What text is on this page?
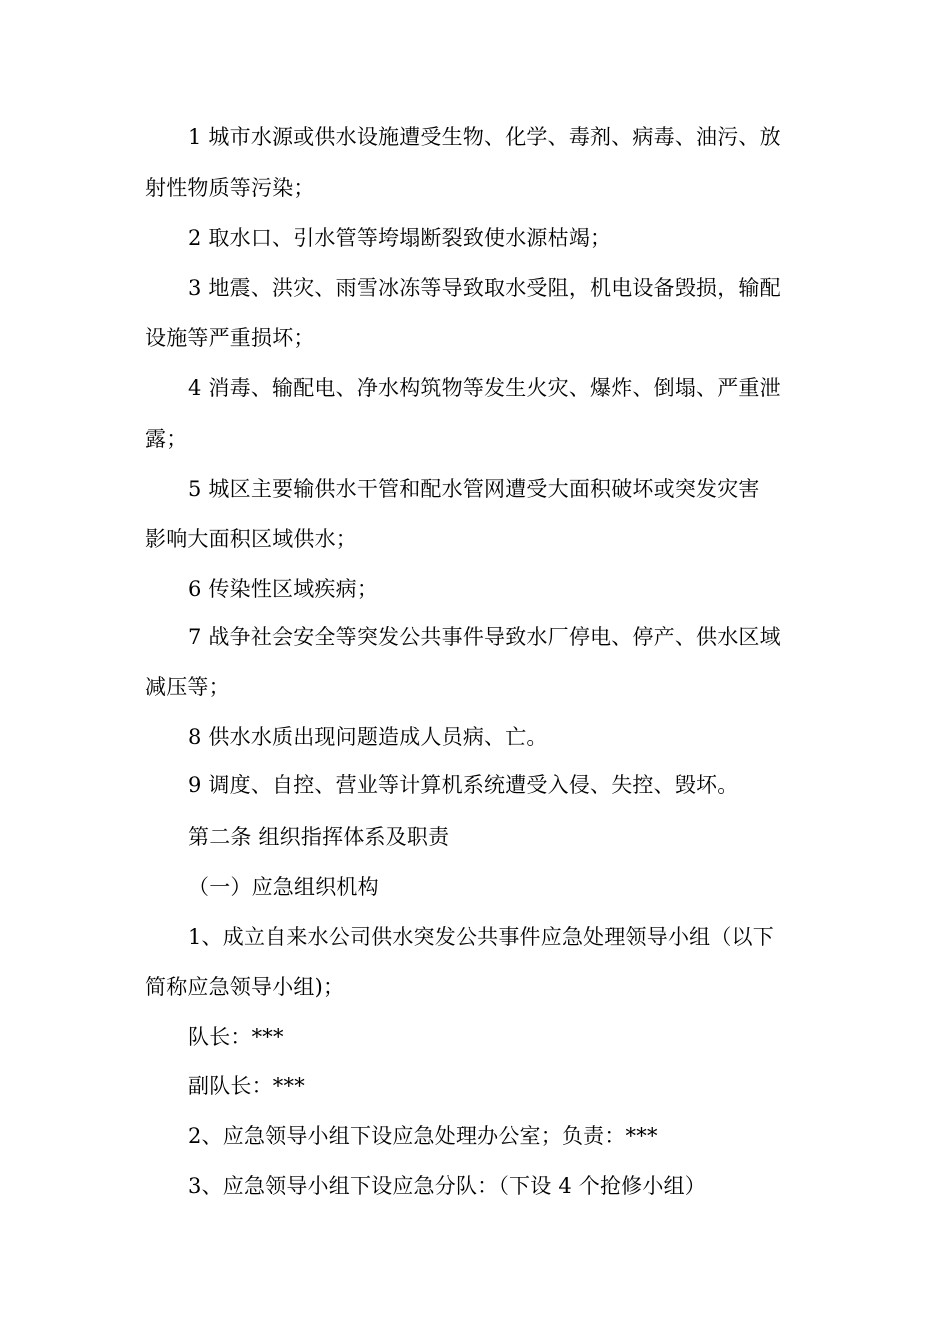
1 城市水源或供水设施遭受生物、化学、毒剂、病毒、油污、放
射性物质等污染；
2 取水口、引水管等垮塌断裂致使水源枯竭；
3 地震、洪灾、雨雪冰冻等导致取水受阻，机电设备毁损，输配
设施等严重损坏；
4 消毒、输配电、净水构筑物等发生火灾、爆炸、倒塌、严重泄
露；
5 城区主要输供水干管和配水管网遭受大面积破坏或突发灾害
影响大面积区域供水；
6 传染性区域疾病；
7 战争社会安全等突发公共事件导致水厂停电、停产、供水区域
减压等；
8 供水水质出现问题造成人员病、亡。
9 调度、自控、营业等计算机系统遭受入侵、失控、毁坏。
第二条 组织指挥体系及职责
（一）应急组织机构
1、成立自来水公司供水突发公共事件应急处理领导小组（以下
简称应急领导小组)；
队长：***
副队长：***
2、应急领导小组下设应急处理办公室；负责：***
3、应急领导小组下设应急分队：（下设 4 个抢修小组）
